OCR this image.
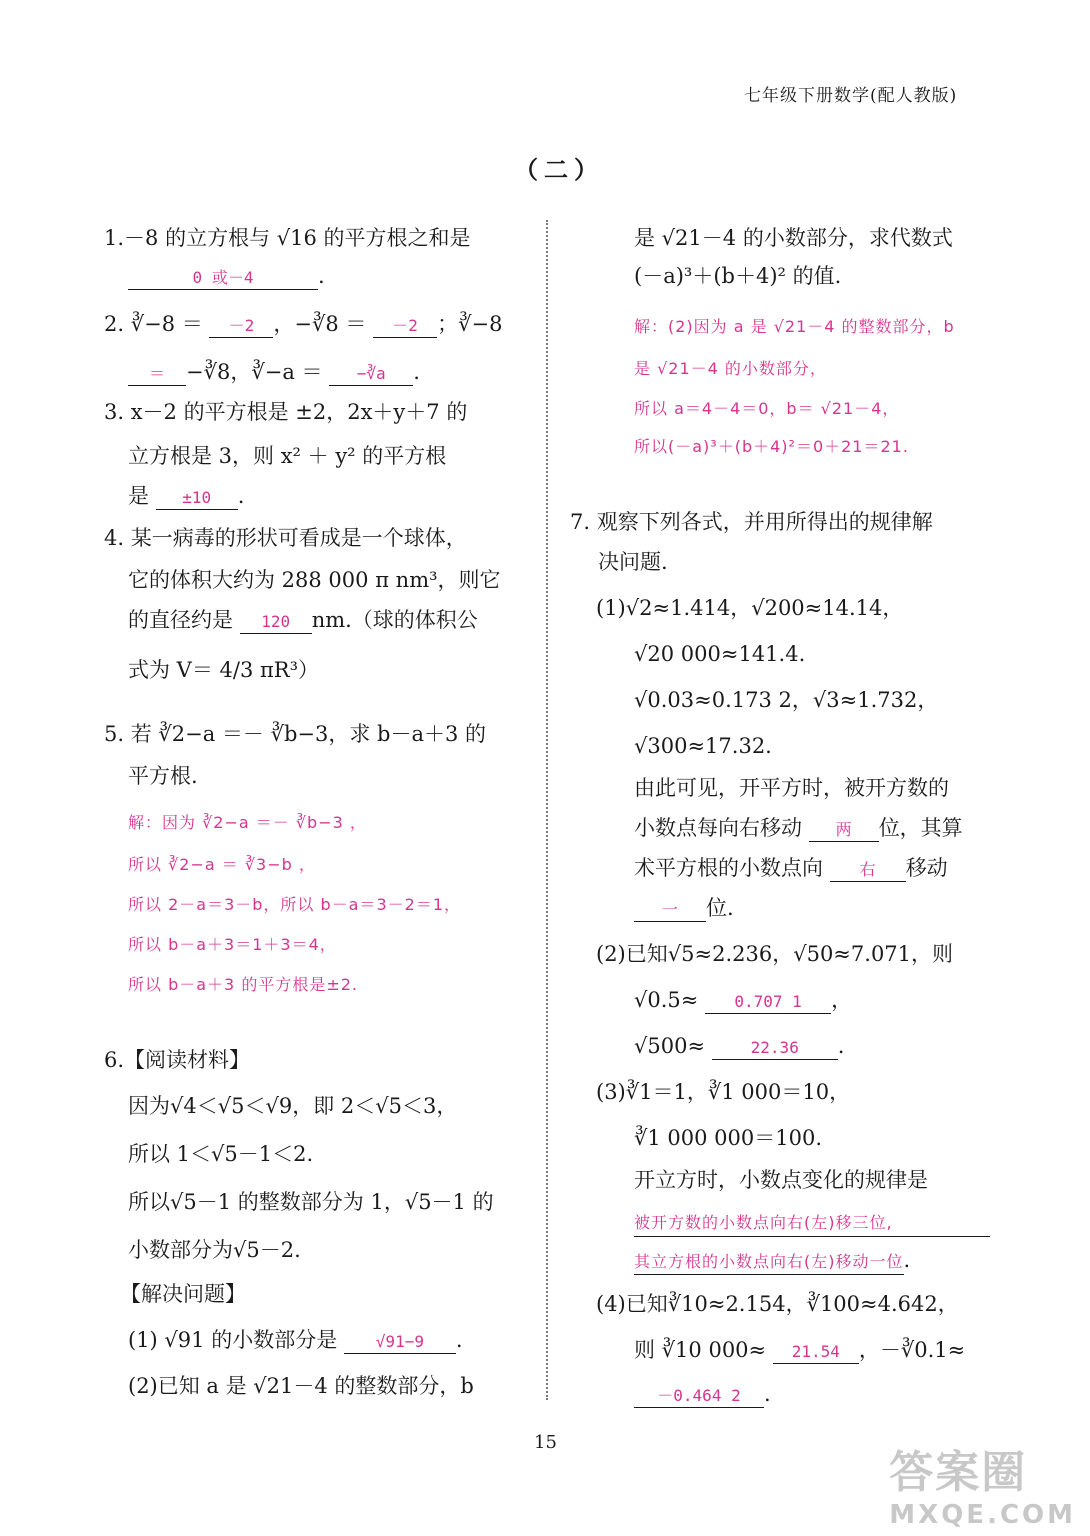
七年级下册数学(配人教版)
（二）
1.－8 的立方根与 √16 的平方根之和是
0 或－4	.
2. ∛−8 ＝ －2 ，−∛8 ＝ －2 ；∛−8
＝ −∛8，∛−a ＝ −∛a .
3. x－2 的平方根是 ±2，2x＋y＋7 的
立方根是 3，则 x² ＋ y² 的平方根
是 ±10 .
4. 某一病毒的形状可看成是一个球体，
它的体积大约为 288 000 π nm³，则它
的直径约是 120 nm.（球的体积公
式为 V＝ 4/3 πR³）
5. 若 ∛2−a ＝－ ∛b−3，求 b－a＋3 的
平方根.
解：因为 ∛2−a ＝－ ∛b−3 ，
所以 ∛2−a ＝ ∛3−b ，
所以 2－a＝3－b，所以 b－a＝3－2＝1，
所以 b－a＋3＝1＋3＝4，
所以 b－a＋3 的平方根是±2.
6.【阅读材料】
因为√4＜√5＜√9，即 2＜√5＜3，
所以 1＜√5－1＜2.
所以√5－1 的整数部分为 1，√5－1 的
小数部分为√5－2.
【解决问题】
(1) √91 的小数部分是 √91−9 .
(2)已知 a 是 √21－4 的整数部分，b
是 √21－4 的小数部分，求代数式
(－a)³＋(b＋4)² 的值.
解：(2)因为 a 是 √21－4 的整数部分，b
是 √21－4 的小数部分，
所以 a＝4－4＝0，b＝ √21－4，
所以(－a)³＋(b＋4)²＝0＋21＝21.
7. 观察下列各式，并用所得出的规律解
决问题.
(1)√2≈1.414，√200≈14.14，
√20 000≈141.4.
√0.03≈0.173 2，√3≈1.732，
√300≈17.32.
由此可见，开平方时，被开方数的
小数点每向右移动 两 位，其算
术平方根的小数点向 右 移动
一 位.
(2)已知√5≈2.236，√50≈7.071，则
√0.5≈ 0.707 1 ，
√500≈	22.36 .
(3)∛1＝1，∛1 000＝10，
∛1 000 000＝100.
开立方时，小数点变化的规律是
被开方数的小数点向右(左)移三位,
其立方根的小数点向右(左)移动一位.
(4)已知∛10≈2.154，∛100≈4.642，
则 ∛10 000≈ 21.54 ，－∛0.1≈
－0.464 2 .
15
答案圈
MXQE.COM
